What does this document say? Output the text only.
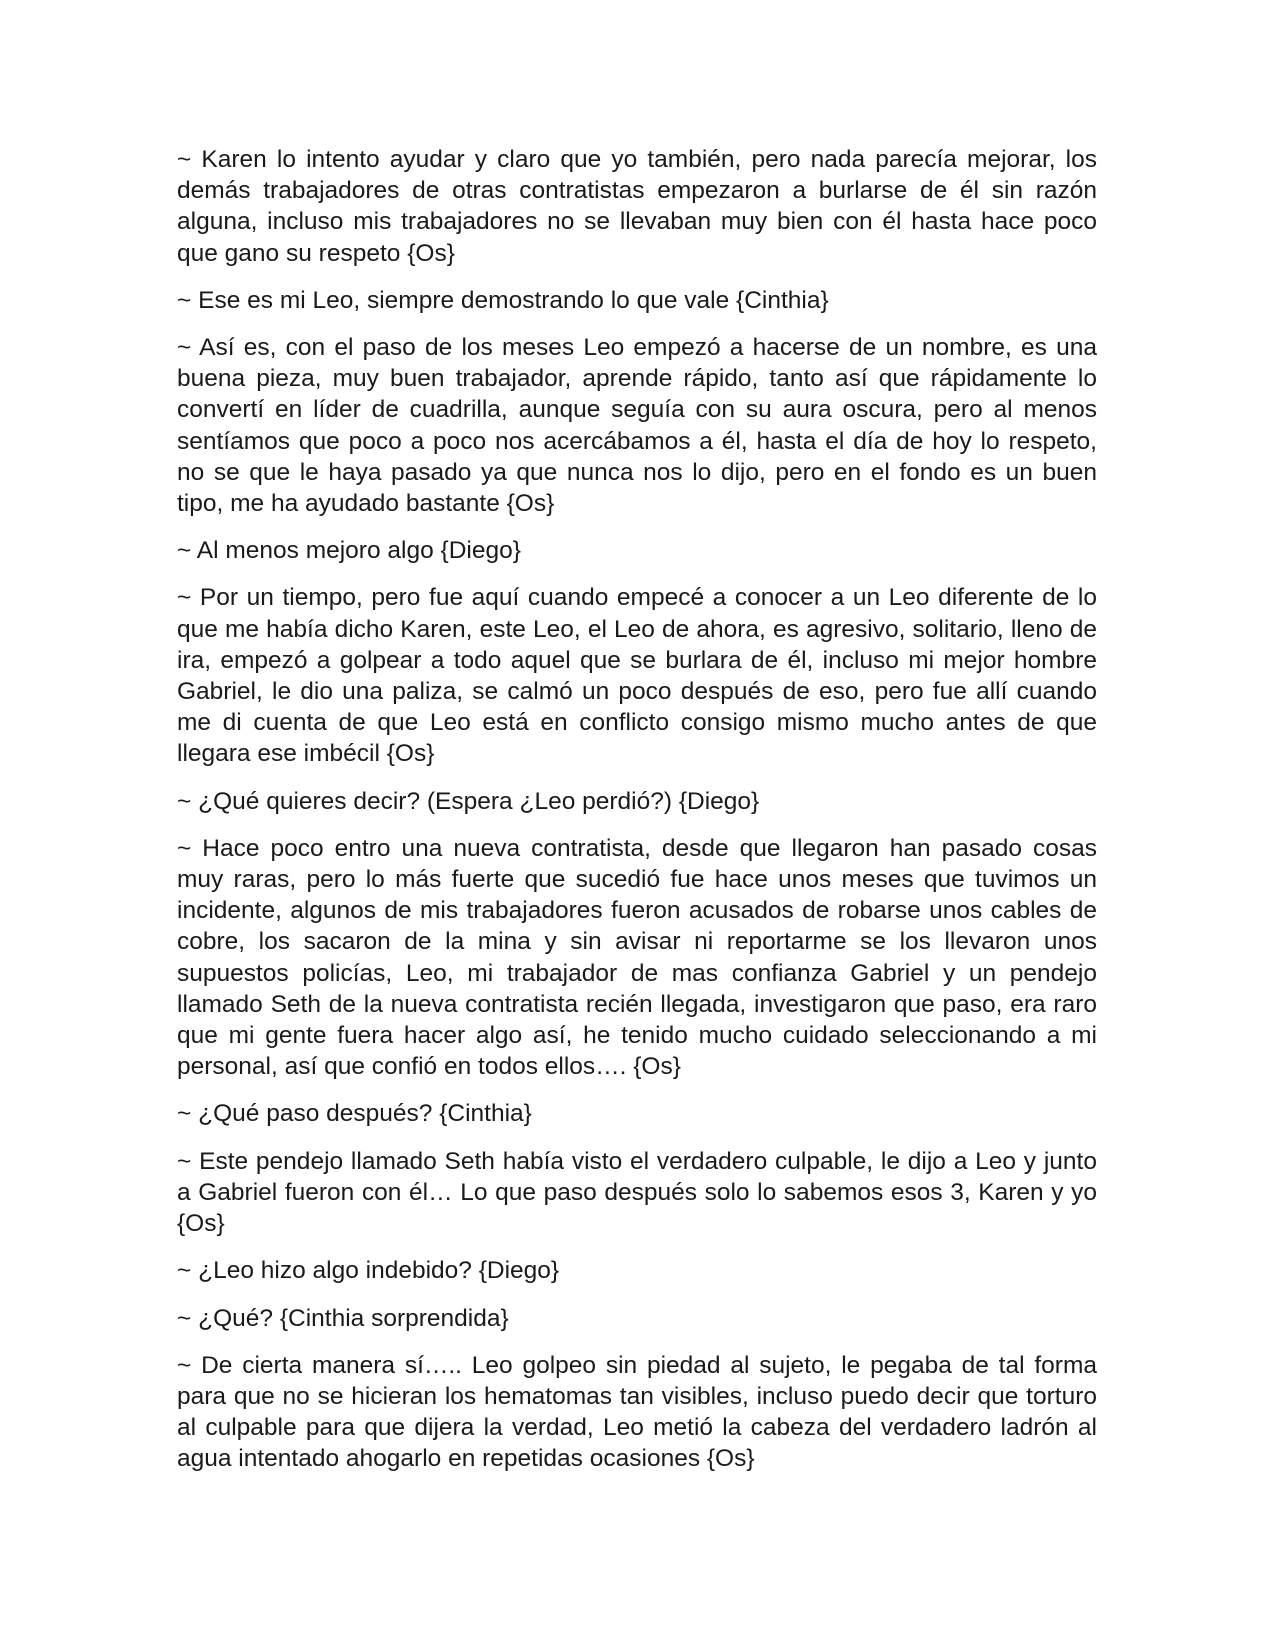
~ Karen lo intento ayudar y claro que yo también, pero nada parecía mejorar, los demás trabajadores de otras contratistas empezaron a burlarse de él sin razón alguna, incluso mis trabajadores no se llevaban muy bien con él hasta hace poco que gano su respeto {Os}

~ Ese es mi Leo, siempre demostrando lo que vale {Cinthia}

~ Así es, con el paso de los meses Leo empezó a hacerse de un nombre, es una buena pieza, muy buen trabajador, aprende rápido, tanto así que rápidamente lo convertí en líder de cuadrilla, aunque seguía con su aura oscura, pero al menos sentíamos que poco a poco nos acercábamos a él, hasta el día de hoy lo respeto, no se que le haya pasado ya que nunca nos lo dijo, pero en el fondo es un buen tipo, me ha ayudado bastante {Os}

~ Al menos mejoro algo {Diego}

~ Por un tiempo, pero fue aquí cuando empecé a conocer a un Leo diferente de lo que me había dicho Karen, este Leo, el Leo de ahora, es agresivo, solitario, lleno de ira, empezó a golpear a todo aquel que se burlara de él, incluso mi mejor hombre Gabriel, le dio una paliza, se calmó un poco después de eso, pero fue allí cuando me di cuenta de que Leo está en conflicto consigo mismo mucho antes de que llegara ese imbécil {Os}

~ ¿Qué quieres decir? (Espera ¿Leo perdió?) {Diego}

~ Hace poco entro una nueva contratista, desde que llegaron han pasado cosas muy raras, pero lo más fuerte que sucedió fue hace unos meses que tuvimos un incidente, algunos de mis trabajadores fueron acusados de robarse unos cables de cobre, los sacaron de la mina y sin avisar ni reportarme se los llevaron unos supuestos policías, Leo, mi trabajador de mas confianza Gabriel y un pendejo llamado Seth de la nueva contratista recién llegada, investigaron que paso, era raro que mi gente fuera hacer algo así, he tenido mucho cuidado seleccionando a mi personal, así que confió en todos ellos…. {Os}

~ ¿Qué paso después? {Cinthia}

~ Este pendejo llamado Seth había visto el verdadero culpable, le dijo a Leo y junto a Gabriel fueron con él… Lo que paso después solo lo sabemos esos 3, Karen y yo {Os}

~ ¿Leo hizo algo indebido? {Diego}

~ ¿Qué? {Cinthia sorprendida}

~ De cierta manera sí….. Leo golpeo sin piedad al sujeto, le pegaba de tal forma para que no se hicieran los hematomas tan visibles, incluso puedo decir que torturo al culpable para que dijera la verdad, Leo metió la cabeza del verdadero ladrón al agua intentado ahogarlo en repetidas ocasiones {Os}
